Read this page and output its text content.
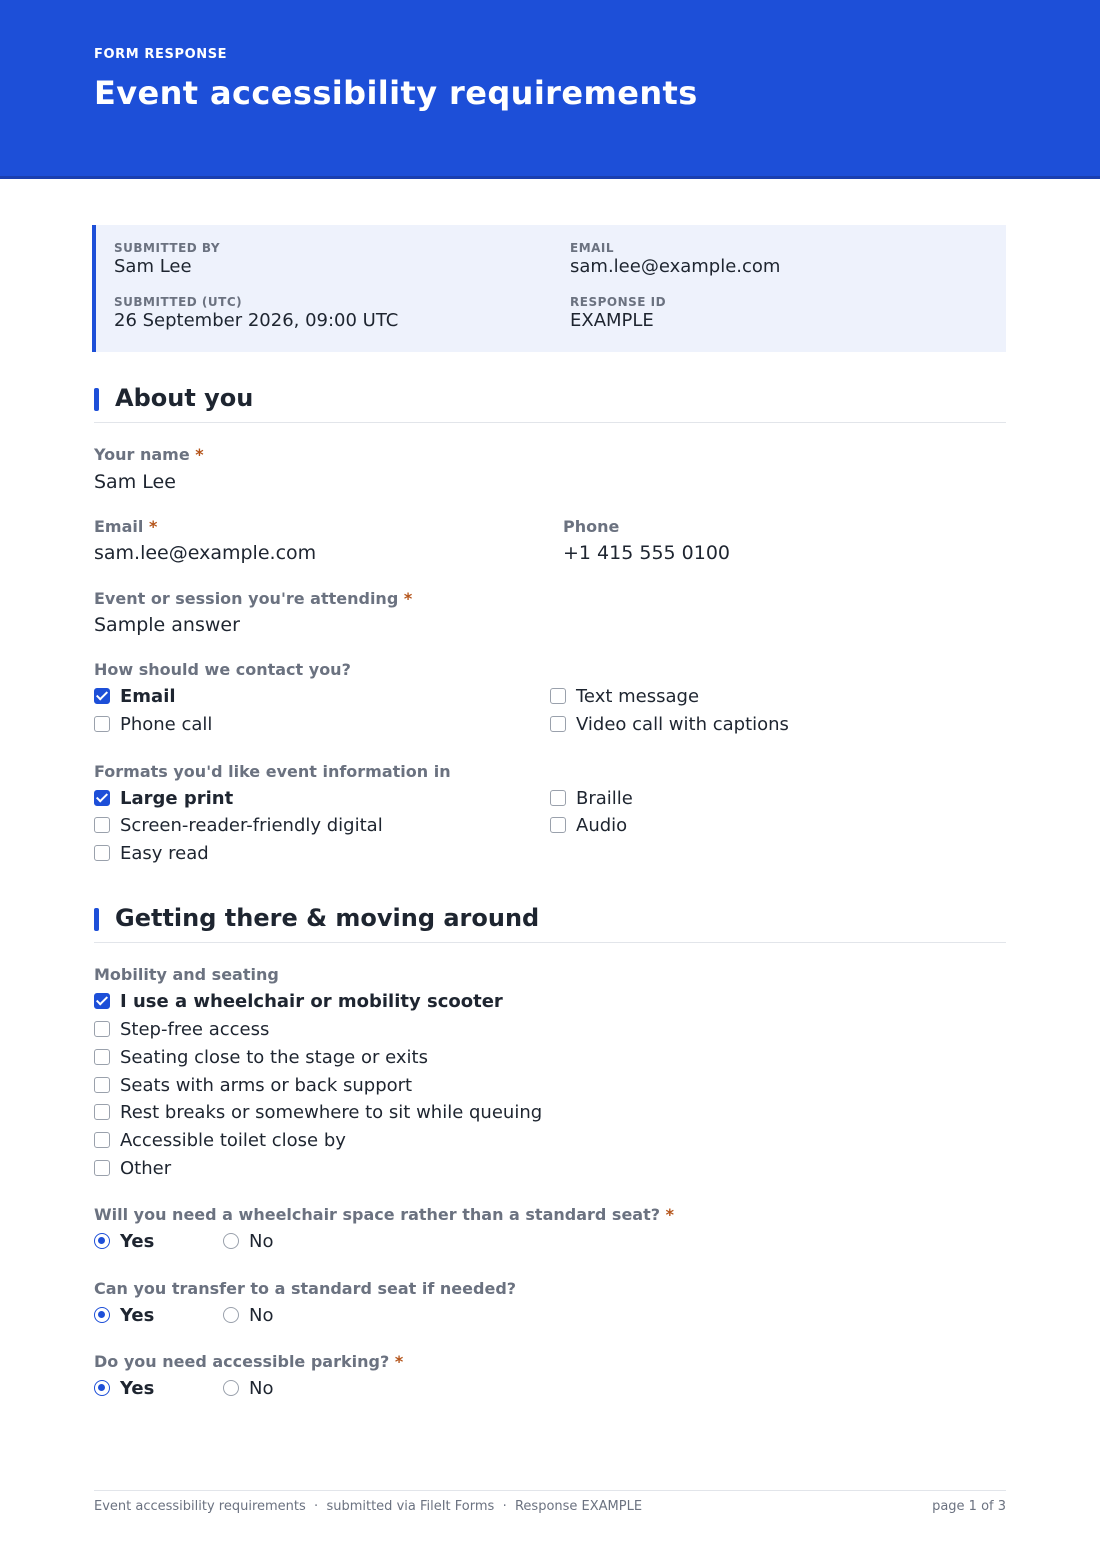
FORM RESPONSE
Event accessibility requirements
SUBMITTED BY
Sam Lee
EMAIL
sam.lee@example.com
SUBMITTED (UTC)
26 September 2026, 09:00 UTC
RESPONSE ID
EXAMPLE
About you
Your name *
Sam Lee
Email *
sam.lee@example.com
Phone
+1 415 555 0100
Event or session you're attending *
Sample answer
How should we contact you?
Email	Text message
Phone call	Video call with captions
Formats you'd like event information in
Large print	Braille
Screen-reader-friendly digital	Audio
Easy read
Getting there & moving around
Mobility and seating
I use a wheelchair or mobility scooter
Step-free access
Seating close to the stage or exits
Seats with arms or back support
Rest breaks or somewhere to sit while queuing
Accessible toilet close by
Other
Will you need a wheelchair space rather than a standard seat? *
Yes	No
Can you transfer to a standard seat if needed?
Yes	No
Do you need accessible parking? *
Yes	No
Event accessibility requirements  ·  submitted via FileIt Forms  ·  Response EXAMPLE	page 1 of 3
